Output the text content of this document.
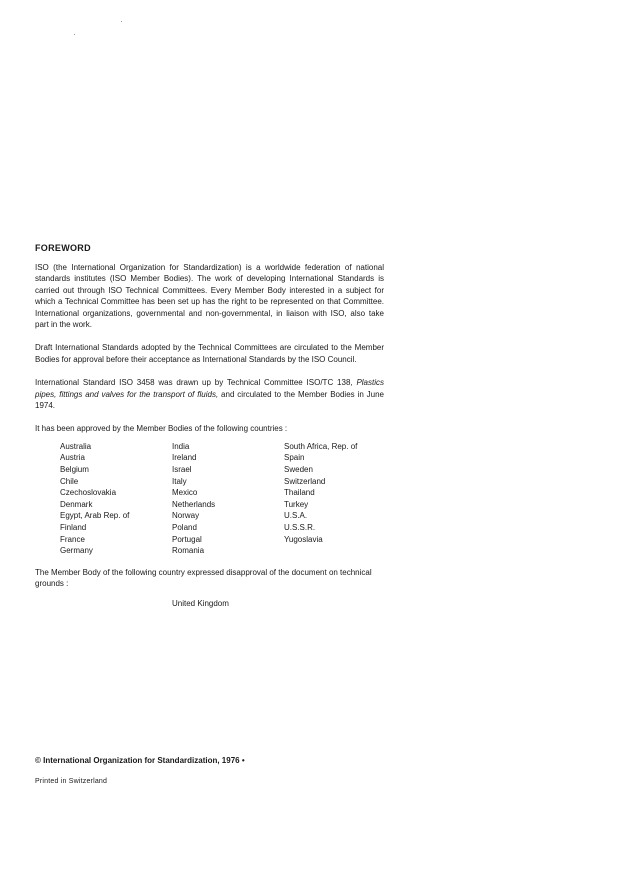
FOREWORD

ISO (the International Organization for Standardization) is a worldwide federation of national standards institutes (ISO Member Bodies). The work of developing International Standards is carried out through ISO Technical Committees. Every Member Body interested in a subject for which a Technical Committee has been set up has the right to be represented on that Committee. International organizations, governmental and non-governmental, in liaison with ISO, also take part in the work.

Draft International Standards adopted by the Technical Committees are circulated to the Member Bodies for approval before their acceptance as International Standards by the ISO Council.

International Standard ISO 3458 was drawn up by Technical Committee ISO/TC 138, Plastics pipes, fittings and valves for the transport of fluids, and circulated to the Member Bodies in June 1974.

It has been approved by the Member Bodies of the following countries :

Australia
Austria
Belgium
Chile
Czechoslovakia
Denmark
Egypt, Arab Rep. of
Finland
France
Germany
India
Ireland
Israel
Italy
Mexico
Netherlands
Norway
Poland
Portugal
Romania
South Africa, Rep. of
Spain
Sweden
Switzerland
Thailand
Turkey
U.S.A.
U.S.S.R.
Yugoslavia

The Member Body of the following country expressed disapproval of the document on technical grounds :

United Kingdom
© International Organization for Standardization, 1976 •
Printed in Switzerland
